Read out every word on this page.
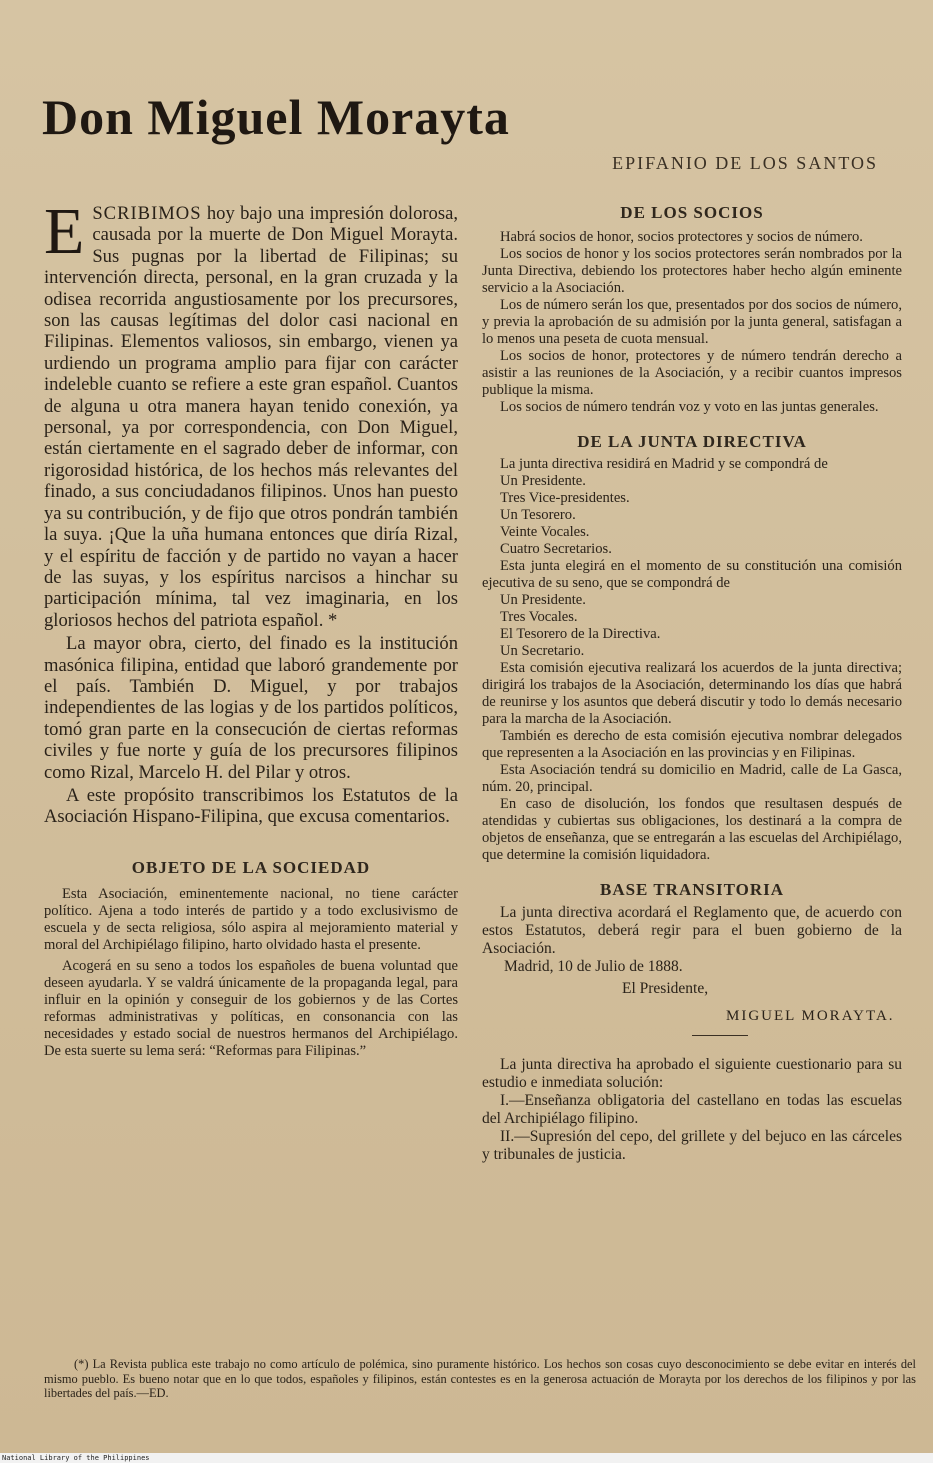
Don Miguel Morayta
EPIFANIO DE LOS SANTOS

ESCRIBIMOS hoy bajo una impresión dolorosa, causada por la muerte de Don Miguel Morayta. Sus pugnas por la libertad de Filipinas; su intervención directa, personal, en la gran cruzada y la odisea recorrida angustiosamente por los precursores, son las causas legítimas del dolor casi nacional en Filipinas. Elementos valiosos, sin embargo, vienen ya urdiendo un programa amplio para fijar con carácter indeleble cuanto se refiere a este gran español. Cuantos de alguna u otra manera hayan tenido conexión, ya personal, ya por correspondencia, con Don Miguel, están ciertamente en el sagrado deber de informar, con rigorosidad histórica, de los hechos más relevantes del finado, a sus conciudadanos filipinos. Unos han puesto ya su contribución, y de fijo que otros pondrán también la suya. ¡Que la uña humana entonces que diría Rizal, y el espíritu de facción y de partido no vayan a hacer de las suyas, y los espíritus narcisos a hinchar su participación mínima, tal vez imaginaria, en los gloriosos hechos del patriota español. *

La mayor obra, cierto, del finado es la institución masónica filipina, entidad que laboró grandemente por el país. También D. Miguel, y por trabajos independientes de las logias y de los partidos políticos, tomó gran parte en la consecución de ciertas reformas civiles y fue norte y guía de los precursores filipinos como Rizal, Marcelo H. del Pilar y otros.

A este propósito transcribimos los Estatutos de la Asociación Hispano-Filipina, que excusa comentarios.

OBJETO DE LA SOCIEDAD

Esta Asociación, eminentemente nacional, no tiene carácter político. Ajena a todo interés de partido y a todo exclusivismo de escuela y de secta religiosa, sólo aspira al mejoramiento material y moral del Archipiélago filipino, harto olvidado hasta el presente.

Acogerá en su seno a todos los españoles de buena voluntad que deseen ayudarla. Y se valdrá únicamente de la propaganda legal, para influir en la opinión y conseguir de los gobiernos y de las Cortes reformas administrativas y políticas, en consonancia con las necesidades y estado social de nuestros hermanos del Archipiélago. De esta suerte su lema será: “Reformas para Filipinas.”

DE LOS SOCIOS

Habrá socios de honor, socios protectores y socios de número.

Los socios de honor y los socios protectores serán nombrados por la Junta Directiva, debiendo los protectores haber hecho algún eminente servicio a la Asociación.

Los de número serán los que, presentados por dos socios de número, y previa la aprobación de su admisión por la junta general, satisfagan a lo menos una peseta de cuota mensual.

Los socios de honor, protectores y de número tendrán derecho a asistir a las reuniones de la Asociación, y a recibir cuantos impresos publique la misma.

Los socios de número tendrán voz y voto en las juntas generales.

DE LA JUNTA DIRECTIVA

La junta directiva residirá en Madrid y se compondrá de

Un Presidente.

Tres Vice-presidentes.

Un Tesorero.

Veinte Vocales.

Cuatro Secretarios.

Esta junta elegirá en el momento de su constitución una comisión ejecutiva de su seno, que se compondrá de

Un Presidente.

Tres Vocales.

El Tesorero de la Directiva.

Un Secretario.

Esta comisión ejecutiva realizará los acuerdos de la junta directiva; dirigirá los trabajos de la Asociación, determinando los días que habrá de reunirse y los asuntos que deberá discutir y todo lo demás necesario para la marcha de la Asociación.

También es derecho de esta comisión ejecutiva nombrar delegados que representen a la Asociación en las provincias y en Filipinas.

Esta Asociación tendrá su domicilio en Madrid, calle de La Gasca, núm. 20, principal.

En caso de disolución, los fondos que resultasen después de atendidas y cubiertas sus obligaciones, los destinará a la compra de objetos de enseñanza, que se entregarán a las escuelas del Archipiélago, que determine la comisión liquidadora.

BASE TRANSITORIA

La junta directiva acordará el Reglamento que, de acuerdo con estos Estatutos, deberá regir para el buen gobierno de la Asociación.

Madrid, 10 de Julio de 1888.

El Presidente,

MIGUEL MORAYTA.

La junta directiva ha aprobado el siguiente cuestionario para su estudio e inmediata solución:

I.—Enseñanza obligatoria del castellano en todas las escuelas del Archipiélago filipino.

II.—Supresión del cepo, del grillete y del bejuco en las cárceles y tribunales de justicia.

(*) La Revista publica este trabajo no como artículo de polémica, sino puramente histórico. Los hechos son cosas cuyo desconocimiento se debe evitar en interés del mismo pueblo. Es bueno notar que en lo que todos, españoles y filipinos, están contestes es en la generosa actuación de Morayta por los derechos de los filipinos y por las libertades del país.—ED.

National Library of the Philippines
